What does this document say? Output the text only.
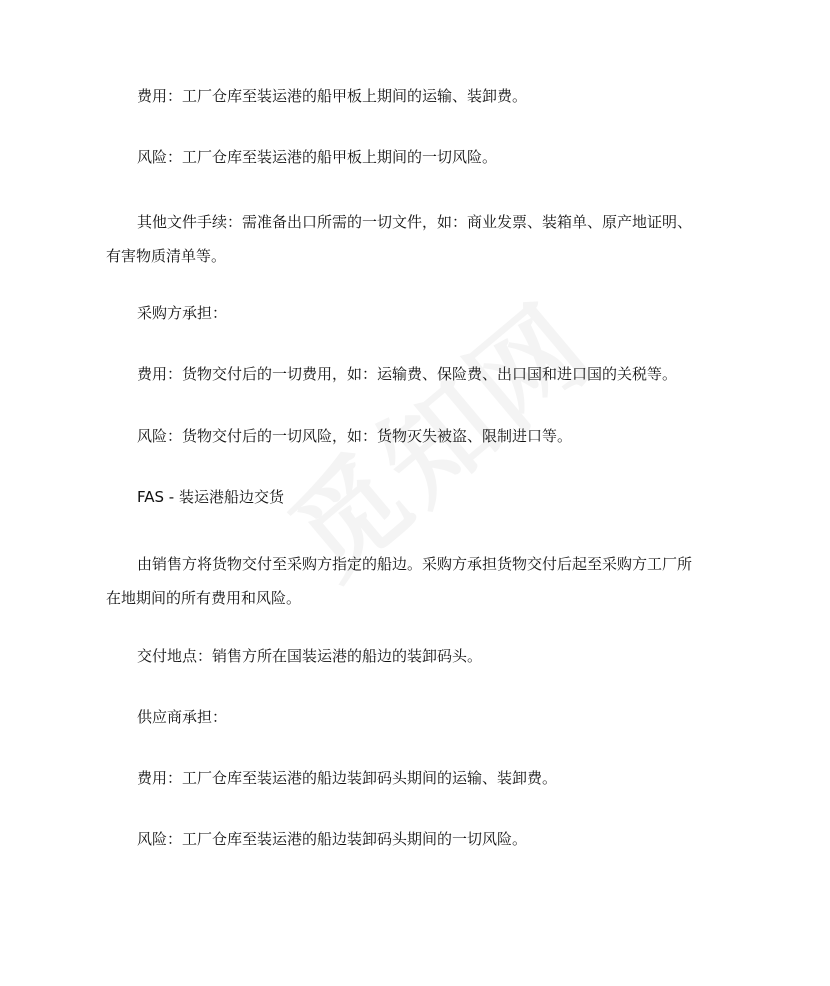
费用：工厂仓库至装运港的船甲板上期间的运输、装卸费。

风险：工厂仓库至装运港的船甲板上期间的一切风险。

其他文件手续：需准备出口所需的一切文件，如：商业发票、装箱单、原产地证明、
有害物质清单等。

采购方承担：

费用：货物交付后的一切费用，如：运输费、保险费、出口国和进口国的关税等。

风险：货物交付后的一切风险，如：货物灭失被盗、限制进口等。

FAS - 装运港船边交货

由销售方将货物交付至采购方指定的船边。采购方承担货物交付后起至采购方工厂所
在地期间的所有费用和风险。

交付地点：销售方所在国装运港的船边的装卸码头。

供应商承担：

费用：工厂仓库至装运港的船边装卸码头期间的运输、装卸费。

风险：工厂仓库至装运港的船边装卸码头期间的一切风险。
